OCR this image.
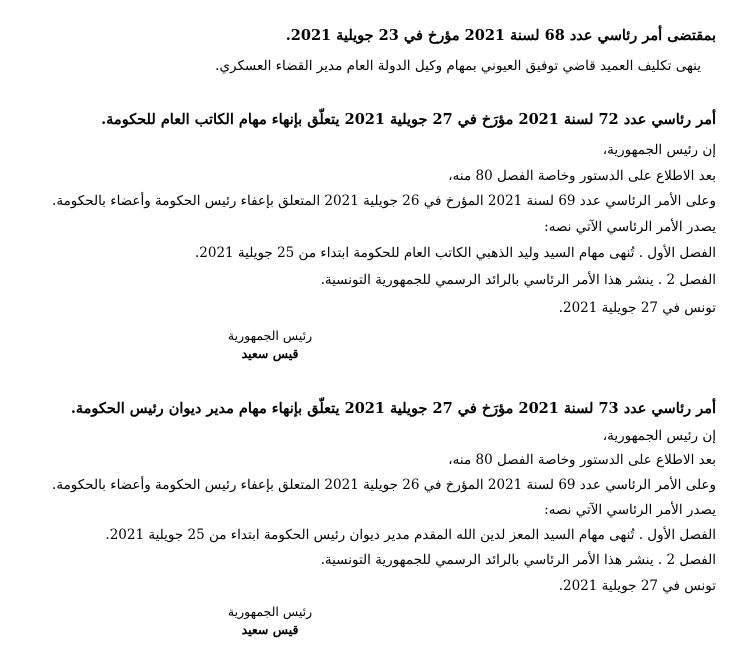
بمقتضى أمر رئاسي عدد 68 لسنة 2021 مؤرخ في 23 جويلية 2021.
ينهى تكليف العميد قاضي توفيق العيوني بمهام وكيل الدولة العام مدير القضاء العسكري.
أمر رئاسي عدد 72 لسنة 2021 مؤرَخ في 27 جويلية 2021 يتعلّق بإنهاء مهام الكاتب العام للحكومة.
إن رئيس الجمهورية،
بعد الاطلاع على الدستور وخاصة الفصل 80 منه،
وعلى الأمر الرئاسي عدد 69 لسنة 2021 المؤرخ في 26 جويلية 2021 المتعلق بإعفاء رئيس الحكومة وأعضاء بالحكومة.
يصدر الأمر الرئاسي الآتي نصه:
الفصل الأول . تُنهى مهام السيد وليد الذهبي الكاتب العام للحكومة ابتداء من 25 جويلية 2021.
الفصل 2 . ينشر هذا الأمر الرئاسي بالرائد الرسمي للجمهورية التونسية.
تونس في 27 جويلية 2021.
رئيس الجمهورية
قيس سعيد
أمر رئاسي عدد 73 لسنة 2021 مؤرَخ في 27 جويلية 2021 يتعلّق بإنهاء مهام مدير ديوان رئيس الحكومة.
إن رئيس الجمهورية،
بعد الاطلاع على الدستور وخاصة الفصل 80 منه،
وعلى الأمر الرئاسي عدد 69 لسنة 2021 المؤرخ في 26 جويلية 2021 المتعلق بإعفاء رئيس الحكومة وأعضاء بالحكومة.
يصدر الأمر الرئاسي الآتي نصه:
الفصل الأول . تُنهى مهام السيد المعز لدين الله المقدم مدير ديوان رئيس الحكومة ابتداء من 25 جويلية 2021.
الفصل 2 . ينشر هذا الأمر الرئاسي بالرائد الرسمي للجمهورية التونسية.
تونس في 27 جويلية 2021.
رئيس الجمهورية
قيس سعيد
